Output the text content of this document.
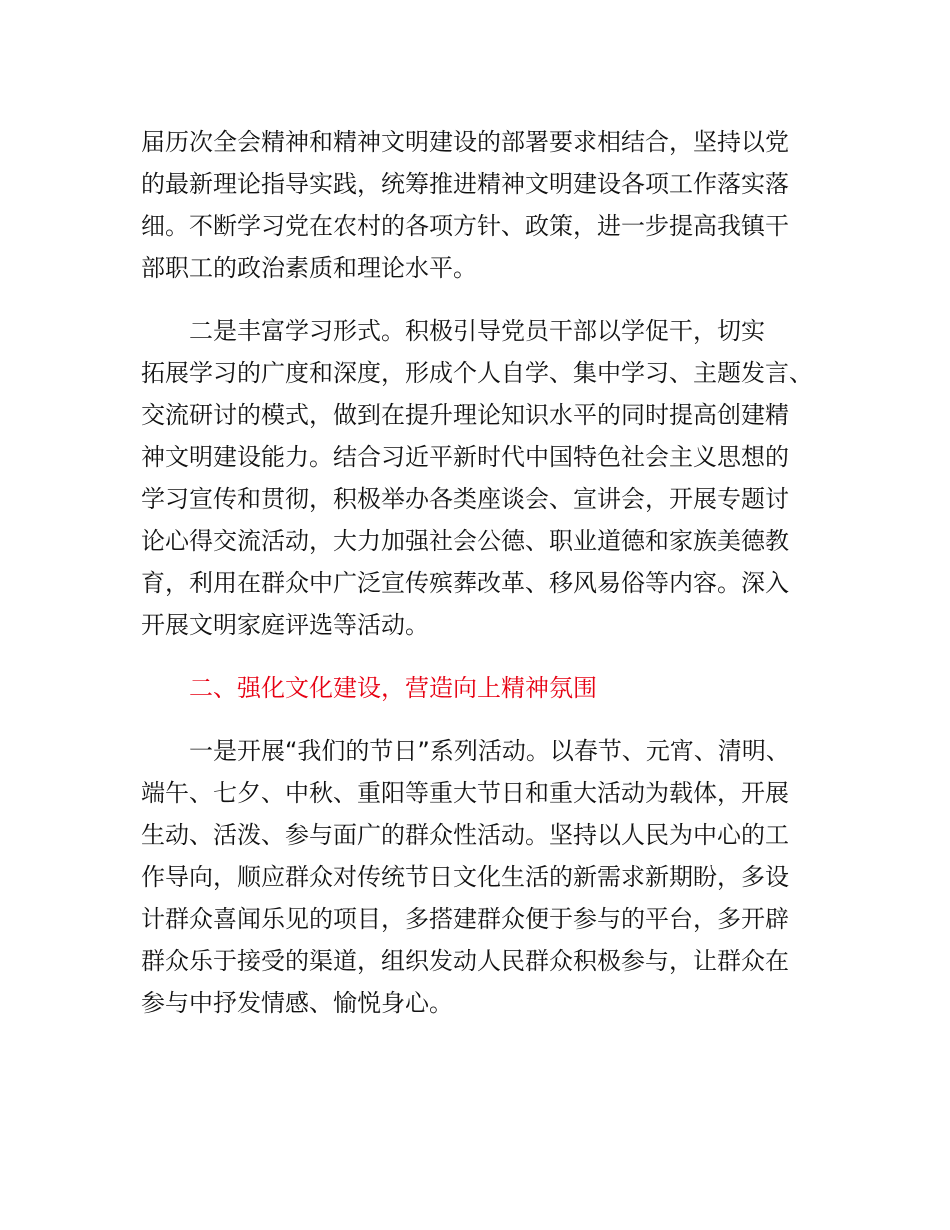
届历次全会精神和精神文明建设的部署要求相结合，坚持以党

的最新理论指导实践，统筹推进精神文明建设各项工作落实落

细。不断学习党在农村的各项方针、政策，进一步提高我镇干

部职工的政治素质和理论水平。

二是丰富学习形式。积极引导党员干部以学促干，切实

拓展学习的广度和深度，形成个人自学、集中学习、主题发言、

交流研讨的模式，做到在提升理论知识水平的同时提高创建精

神文明建设能力。结合习近平新时代中国特色社会主义思想的

学习宣传和贯彻，积极举办各类座谈会、宣讲会，开展专题讨

论心得交流活动，大力加强社会公德、职业道德和家族美德教

育，利用在群众中广泛宣传殡葬改革、移风易俗等内容。深入

开展文明家庭评选等活动。

二、强化文化建设，营造向上精神氛围

一是开展“我们的节日”系列活动。以春节、元宵、清明、

端午、七夕、中秋、重阳等重大节日和重大活动为载体，开展

生动、活泼、参与面广的群众性活动。坚持以人民为中心的工

作导向，顺应群众对传统节日文化生活的新需求新期盼，多设

计群众喜闻乐见的项目，多搭建群众便于参与的平台，多开辟

群众乐于接受的渠道，组织发动人民群众积极参与，让群众在

参与中抒发情感、愉悦身心。
